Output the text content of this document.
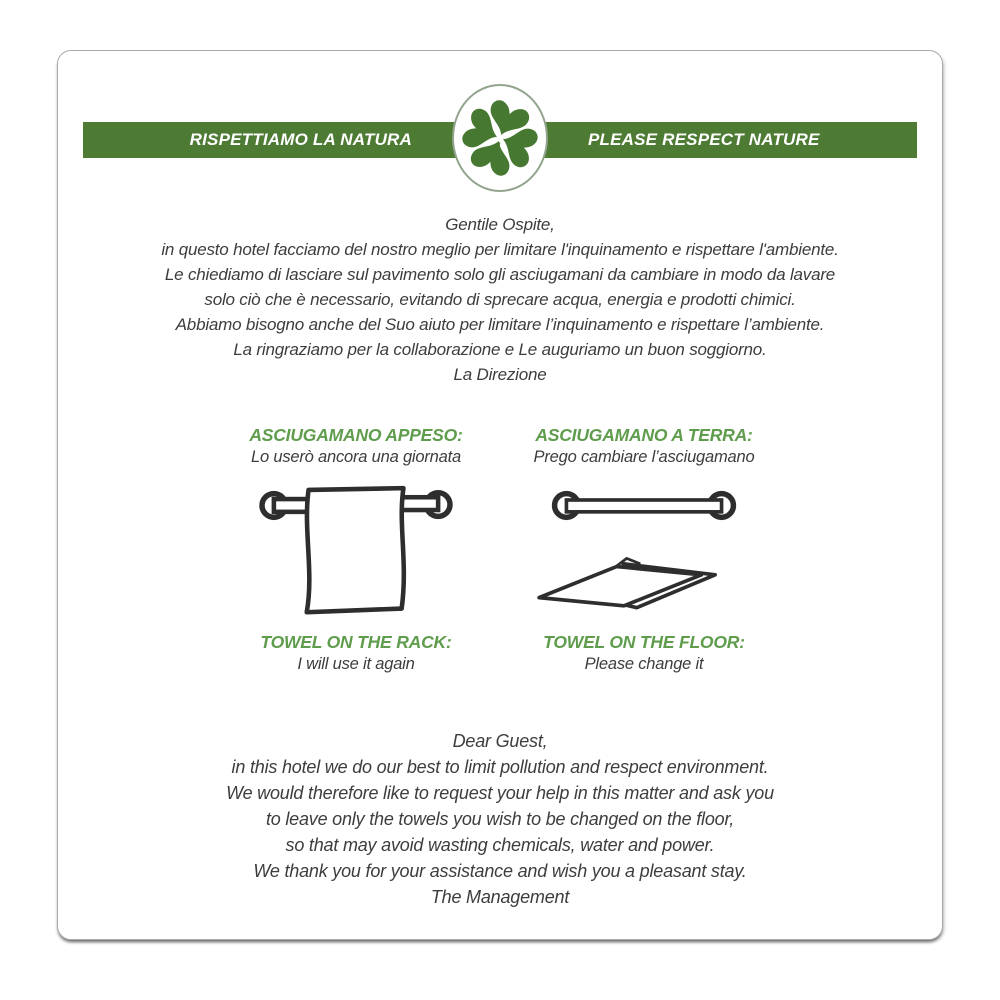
RISPETTIAMO LA NATURA	PLEASE RESPECT NATURE
Gentile Ospite,
in questo hotel facciamo del nostro meglio per limitare l'inquinamento e rispettare l'ambiente.
Le chiediamo di lasciare sul pavimento solo gli asciugamani da cambiare in modo da lavare
solo ciò che è necessario, evitando di sprecare acqua, energia e prodotti chimici.
Abbiamo bisogno anche del Suo aiuto per limitare l’inquinamento e rispettare l’ambiente.
La ringraziamo per la collaborazione e Le auguriamo un buon soggiorno.
La Direzione
ASCIUGAMANO APPESO:
Lo userò ancora una giornata
TOWEL ON THE RACK:
I will use it again
ASCIUGAMANO A TERRA:
Prego cambiare l’asciugamano
TOWEL ON THE FLOOR:
Please change it
Dear Guest,
in this hotel we do our best to limit pollution and respect environment.
We would therefore like to request your help in this matter and ask you
to leave only the towels you wish to be changed on the floor,
so that may avoid wasting chemicals, water and power.
We thank you for your assistance and wish you a pleasant stay.
The Management
